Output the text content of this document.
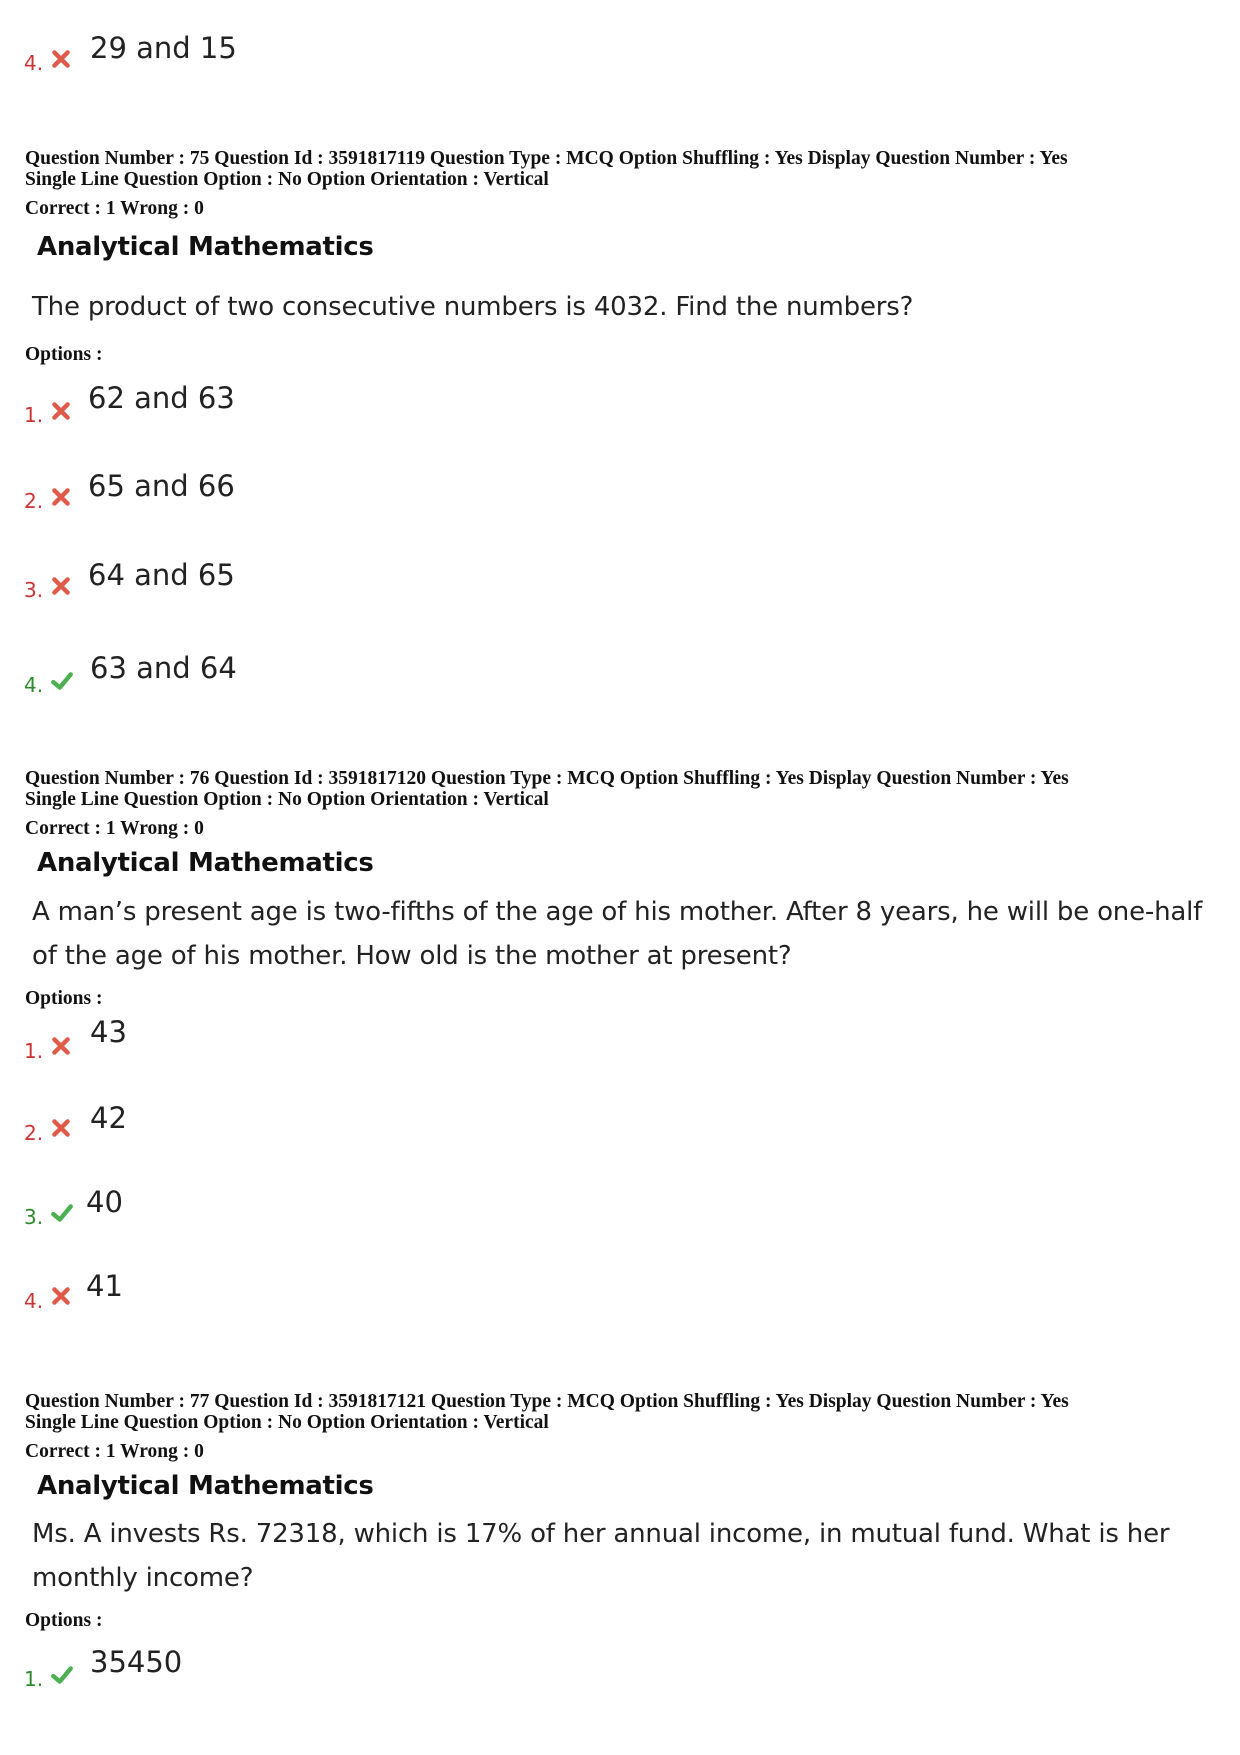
4. 29 and 15
Question Number : 75 Question Id : 3591817119 Question Type : MCQ Option Shuffling : Yes Display Question Number : Yes
Single Line Question Option : No Option Orientation : Vertical
Correct : 1 Wrong : 0
Analytical Mathematics
The product of two consecutive numbers is 4032. Find the numbers?
Options :
1. 62 and 63
2. 65 and 66
3. 64 and 65
4. 63 and 64
Question Number : 76 Question Id : 3591817120 Question Type : MCQ Option Shuffling : Yes Display Question Number : Yes
Single Line Question Option : No Option Orientation : Vertical
Correct : 1 Wrong : 0
Analytical Mathematics
A man’s present age is two-fifths of the age of his mother. After 8 years, he will be one-half of the age of his mother. How old is the mother at present?
Options :
1.
43
2. 42
3. 40
4. 41
Question Number : 77 Question Id : 3591817121 Question Type : MCQ Option Shuffling : Yes Display Question Number : Yes
Single Line Question Option : No Option Orientation : Vertical
Correct : 1 Wrong : 0
Analytical Mathematics
Ms. A invests Rs. 72318, which is 17% of her annual income, in mutual fund. What is her monthly income?
Options :
1. 35450
